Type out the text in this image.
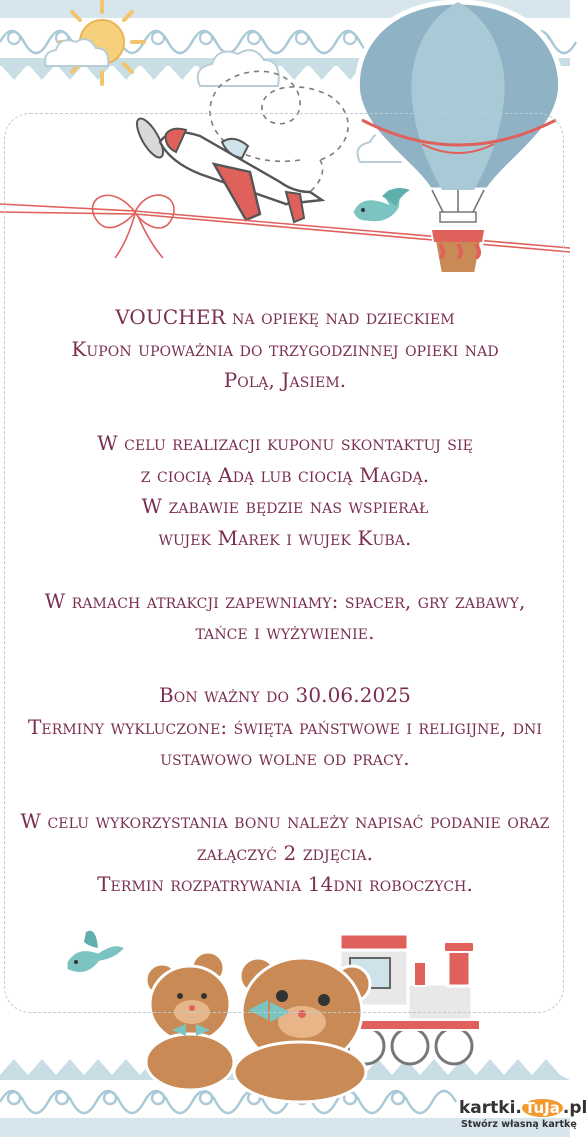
VOUCHER na opiekę nad dzieckiem
Kupon upoważnia do trzygodzinnej opieki nad
Polą, Jasiem.
W celu realizacji kuponu skontaktuj się
z ciocią Adą lub ciocią Magdą.
W zabawie będzie nas wspierał
wujek Marek i wujek Kuba.
W ramach atrakcji zapewniamy: spacer, gry zabawy,
tańce i wyżywienie.
Bon ważny do 30.06.2025
Terminy wykluczone: święta państwowe i religijne, dni
ustawowo wolne od pracy.
W celu wykorzystania bonu należy napisać podanie oraz
załączyć 2 zdjęcia.
Termin rozpatrywania 14dni roboczych.
kartki. TuJa .pl
Stwórz własną kartkę
